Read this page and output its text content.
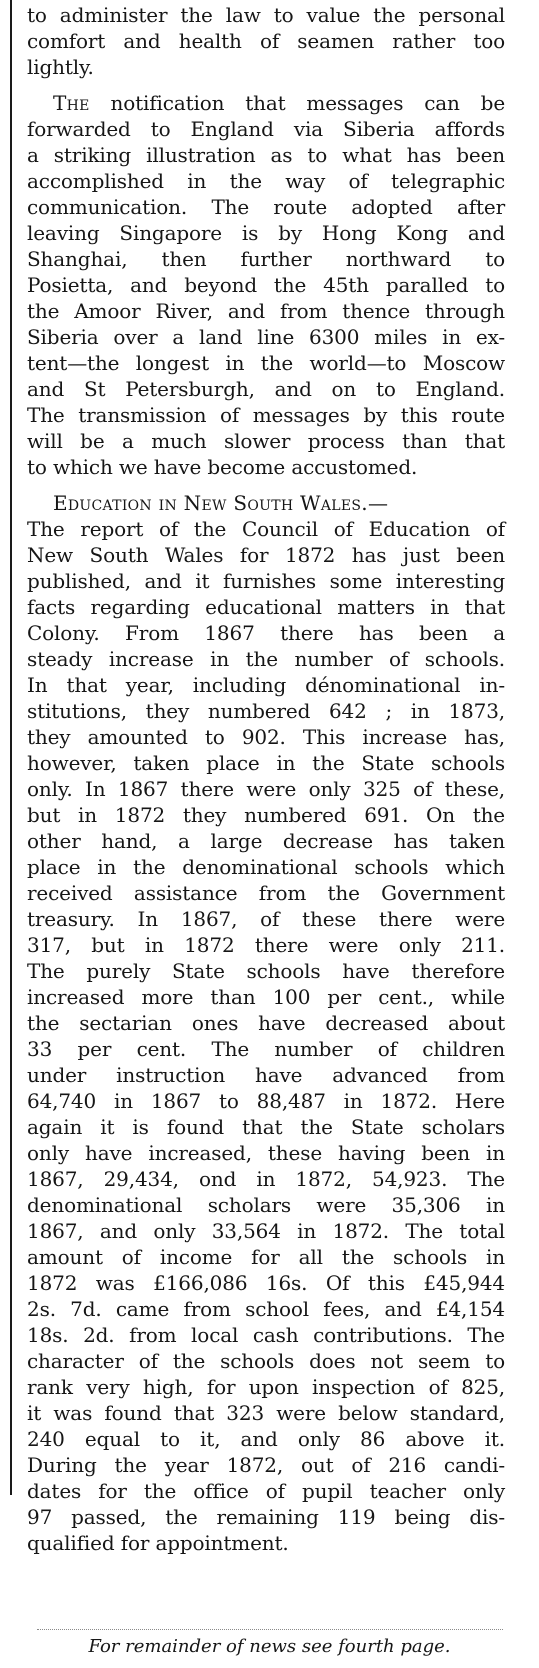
to administer the law to value the personal
comfort and health of seamen rather too
lightly.
The notification that messages can be
forwarded to England via Siberia affords
a striking illustration as to what has been
accomplished in the way of telegraphic
communication. The route adopted after
leaving Singapore is by Hong Kong and
Shanghai, then further northward to
Posietta, and beyond the 45th paralled to
the Amoor River, and from thence through
Siberia over a land line 6300 miles in ex-
tent—the longest in the world—to Moscow
and St Petersburgh, and on to England.
The transmission of messages by this route
will be a much slower process than that
to which we have become accustomed.
Education in New South Wales.—
The report of the Council of Education of
New South Wales for 1872 has just been
published, and it furnishes some interesting
facts regarding educational matters in that
Colony. From 1867 there has been a
steady increase in the number of schools.
In that year, including dénominational in-
stitutions, they numbered 642 ; in 1873,
they amounted to 902. This increase has,
however, taken place in the State schools
only. In 1867 there were only 325 of these,
but in 1872 they numbered 691. On the
other hand, a large decrease has taken
place in the denominational schools which
received assistance from the Government
treasury. In 1867, of these there were
317, but in 1872 there were only 211.
The purely State schools have therefore
increased more than 100 per cent., while
the sectarian ones have decreased about
33 per cent. The number of children
under instruction have advanced from
64,740 in 1867 to 88,487 in 1872. Here
again it is found that the State scholars
only have increased, these having been in
1867, 29,434, ond in 1872, 54,923. The
denominational scholars were 35,306 in
1867, and only 33,564 in 1872. The total
amount of income for all the schools in
1872 was £166,086 16s. Of this £45,944
2s. 7d. came from school fees, and £4,154
18s. 2d. from local cash contributions. The
character of the schools does not seem to
rank very high, for upon inspection of 825,
it was found that 323 were below standard,
240 equal to it, and only 86 above it.
During the year 1872, out of 216 candi-
dates for the office of pupil teacher only
97 passed, the remaining 119 being dis-
qualified for appointment.
For remainder of news see fourth page.
